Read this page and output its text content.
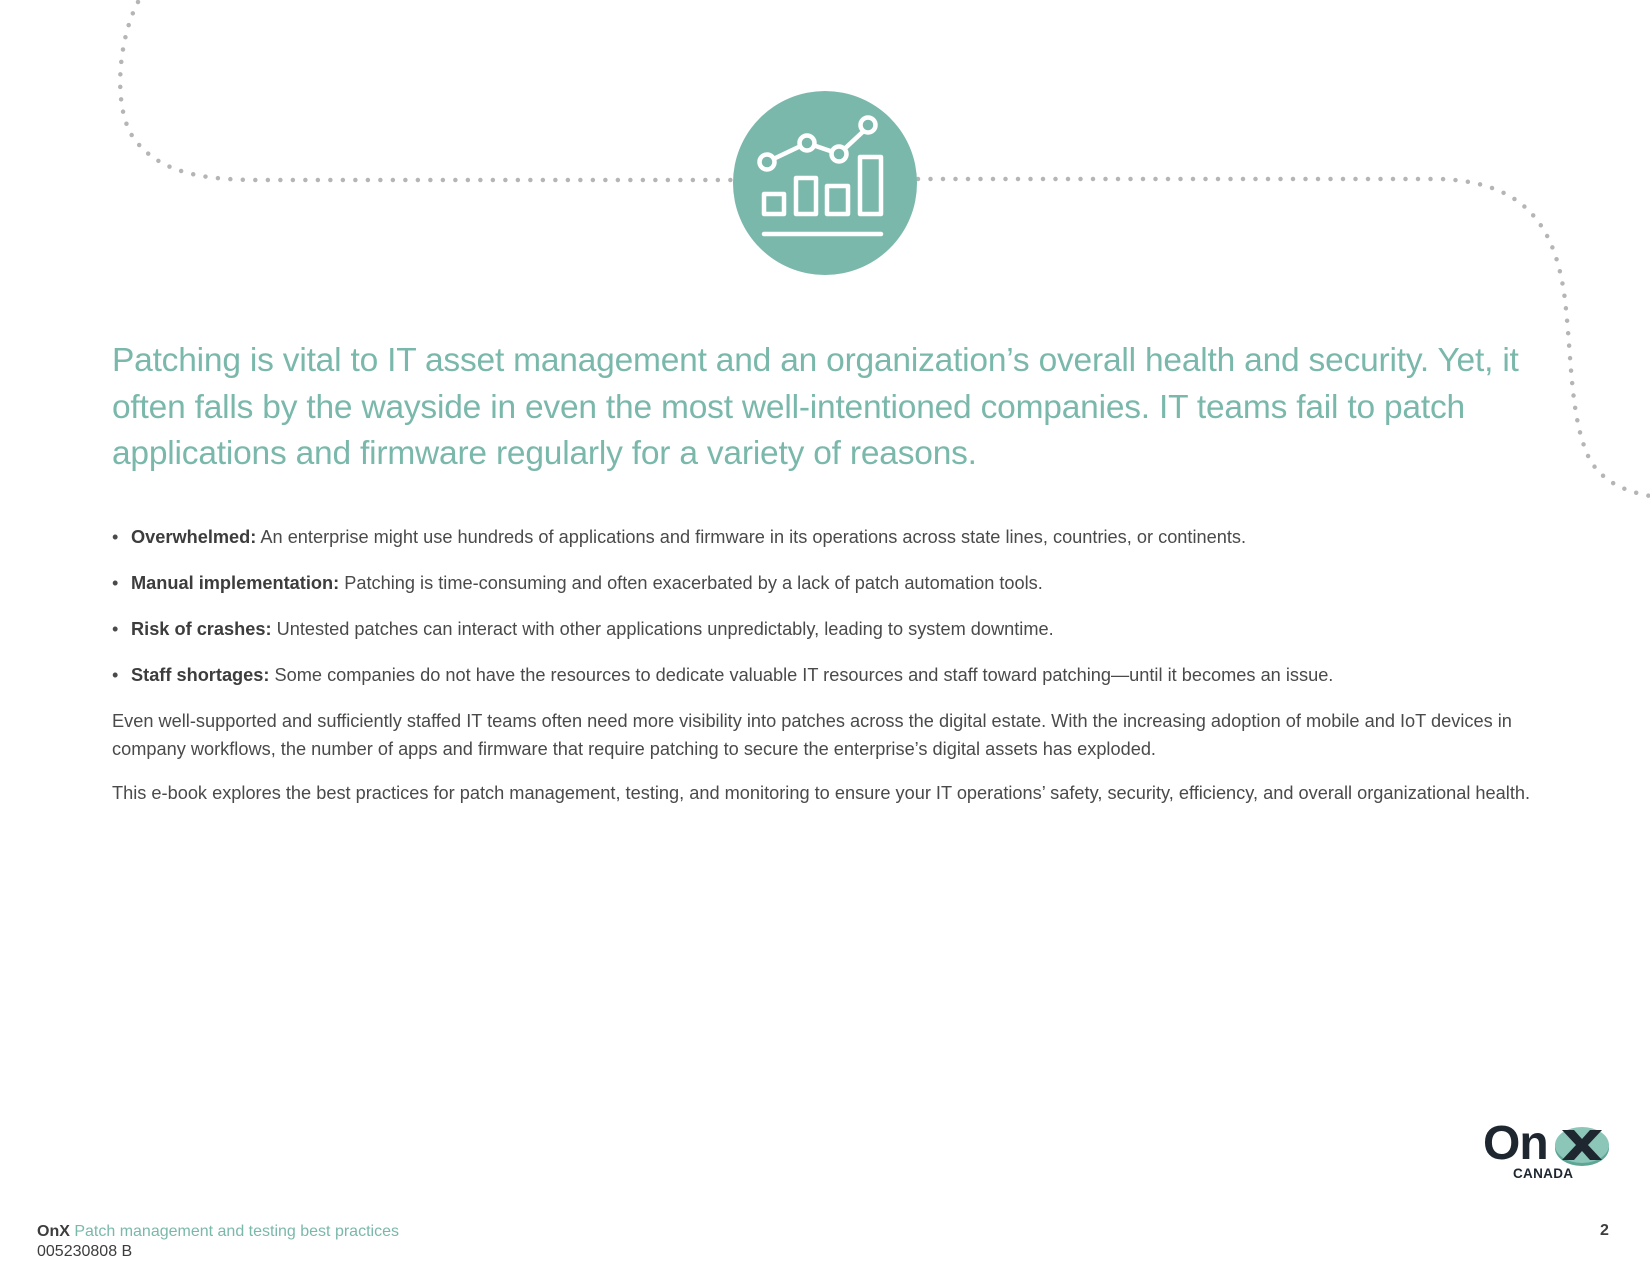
Patching is vital to IT asset management and an organization’s overall health and security. Yet, it often falls by the wayside in even the most well-intentioned companies. IT teams fail to patch applications and firmware regularly for a variety of reasons.

• Overwhelmed: An enterprise might use hundreds of applications and firmware in its operations across state lines, countries, or continents.
• Manual implementation: Patching is time-consuming and often exacerbated by a lack of patch automation tools.
• Risk of crashes: Untested patches can interact with other applications unpredictably, leading to system downtime.
• Staff shortages: Some companies do not have the resources to dedicate valuable IT resources and staff toward patching—until it becomes an issue.

Even well-supported and sufficiently staffed IT teams often need more visibility into patches across the digital estate. With the increasing adoption of mobile and IoT devices in company workflows, the number of apps and firmware that require patching to secure the enterprise’s digital assets has exploded.

This e-book explores the best practices for patch management, testing, and monitoring to ensure your IT operations’ safety, security, efficiency, and overall organizational health.

On
CANADA
OnX Patch management and testing best practices
005230808 B
2
